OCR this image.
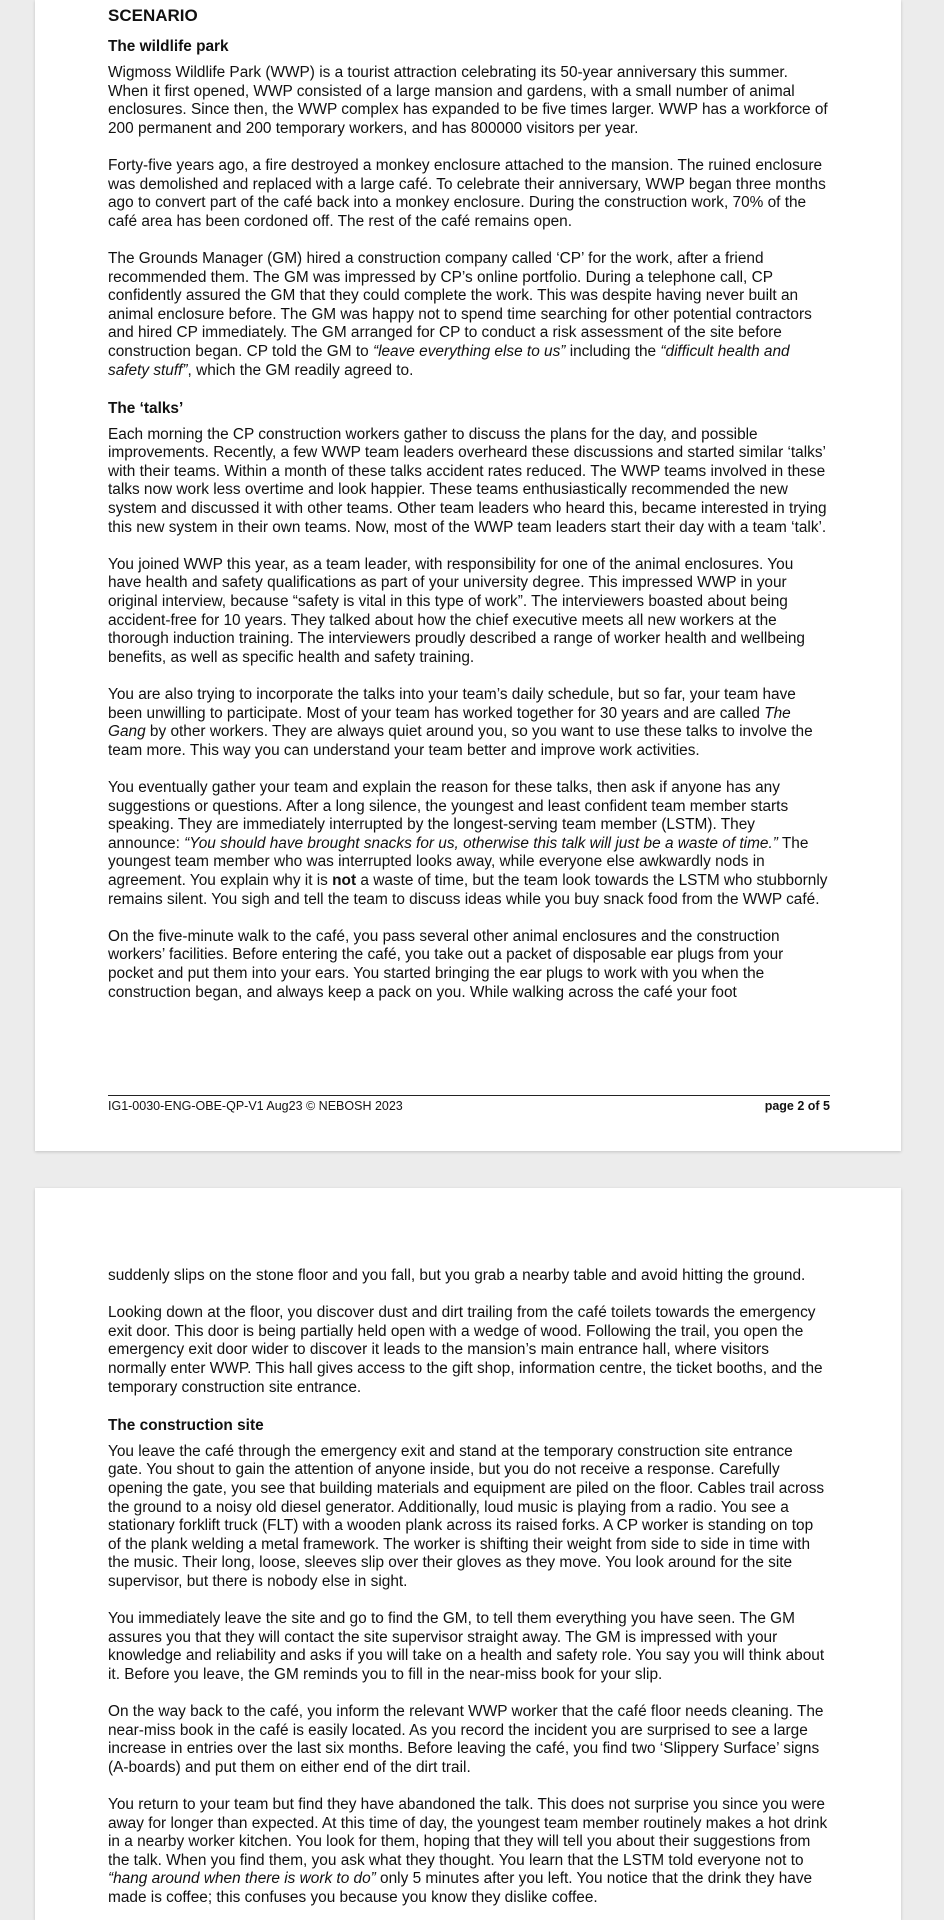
SCENARIO
The wildlife park

Wigmoss Wildlife Park (WWP) is a tourist attraction celebrating its 50-year anniversary this summer. When it first opened, WWP consisted of a large mansion and gardens, with a small number of animal enclosures. Since then, the WWP complex has expanded to be five times larger. WWP has a workforce of 200 permanent and 200 temporary workers, and has 800000 visitors per year.

Forty-five years ago, a fire destroyed a monkey enclosure attached to the mansion. The ruined enclosure was demolished and replaced with a large café. To celebrate their anniversary, WWP began three months ago to convert part of the café back into a monkey enclosure. During the construction work, 70% of the café area has been cordoned off. The rest of the café remains open.

The Grounds Manager (GM) hired a construction company called ‘CP’ for the work, after a friend recommended them. The GM was impressed by CP’s online portfolio. During a telephone call, CP confidently assured the GM that they could complete the work. This was despite having never built an animal enclosure before. The GM was happy not to spend time searching for other potential contractors and hired CP immediately. The GM arranged for CP to conduct a risk assessment of the site before construction began. CP told the GM to “leave everything else to us” including the “difficult health and safety stuff”, which the GM readily agreed to.

The ‘talks’

Each morning the CP construction workers gather to discuss the plans for the day, and possible improvements. Recently, a few WWP team leaders overheard these discussions and started similar ‘talks’ with their teams. Within a month of these talks accident rates reduced. The WWP teams involved in these talks now work less overtime and look happier. These teams enthusiastically recommended the new system and discussed it with other teams. Other team leaders who heard this, became interested in trying this new system in their own teams. Now, most of the WWP team leaders start their day with a team ‘talk’.

You joined WWP this year, as a team leader, with responsibility for one of the animal enclosures. You have health and safety qualifications as part of your university degree. This impressed WWP in your original interview, because “safety is vital in this type of work”. The interviewers boasted about being accident-free for 10 years. They talked about how the chief executive meets all new workers at the thorough induction training. The interviewers proudly described a range of worker health and wellbeing benefits, as well as specific health and safety training.

You are also trying to incorporate the talks into your team’s daily schedule, but so far, your team have been unwilling to participate. Most of your team has worked together for 30 years and are called The Gang by other workers. They are always quiet around you, so you want to use these talks to involve the team more. This way you can understand your team better and improve work activities.

You eventually gather your team and explain the reason for these talks, then ask if anyone has any suggestions or questions. After a long silence, the youngest and least confident team member starts speaking. They are immediately interrupted by the longest-serving team member (LSTM). They announce: “You should have brought snacks for us, otherwise this talk will just be a waste of time.” The youngest team member who was interrupted looks away, while everyone else awkwardly nods in agreement. You explain why it is not a waste of time, but the team look towards the LSTM who stubbornly remains silent. You sigh and tell the team to discuss ideas while you buy snack food from the WWP café.

On the five-minute walk to the café, you pass several other animal enclosures and the construction workers’ facilities. Before entering the café, you take out a packet of disposable ear plugs from your pocket and put them into your ears. You started bringing the ear plugs to work with you when the construction began, and always keep a pack on you. While walking across the café your foot

IG1-0030-ENG-OBE-QP-V1 Aug23 © NEBOSH 2023	page 2 of 5

suddenly slips on the stone floor and you fall, but you grab a nearby table and avoid hitting the ground.

Looking down at the floor, you discover dust and dirt trailing from the café toilets towards the emergency exit door. This door is being partially held open with a wedge of wood. Following the trail, you open the emergency exit door wider to discover it leads to the mansion’s main entrance hall, where visitors normally enter WWP. This hall gives access to the gift shop, information centre, the ticket booths, and the temporary construction site entrance.

The construction site

You leave the café through the emergency exit and stand at the temporary construction site entrance gate. You shout to gain the attention of anyone inside, but you do not receive a response. Carefully opening the gate, you see that building materials and equipment are piled on the floor. Cables trail across the ground to a noisy old diesel generator. Additionally, loud music is playing from a radio. You see a stationary forklift truck (FLT) with a wooden plank across its raised forks. A CP worker is standing on top of the plank welding a metal framework. The worker is shifting their weight from side to side in time with the music. Their long, loose, sleeves slip over their gloves as they move. You look around for the site supervisor, but there is nobody else in sight.

You immediately leave the site and go to find the GM, to tell them everything you have seen. The GM assures you that they will contact the site supervisor straight away. The GM is impressed with your knowledge and reliability and asks if you will take on a health and safety role. You say you will think about it. Before you leave, the GM reminds you to fill in the near-miss book for your slip.

On the way back to the café, you inform the relevant WWP worker that the café floor needs cleaning. The near-miss book in the café is easily located. As you record the incident you are surprised to see a large increase in entries over the last six months. Before leaving the café, you find two ‘Slippery Surface’ signs (A-boards) and put them on either end of the dirt trail.

You return to your team but find they have abandoned the talk. This does not surprise you since you were away for longer than expected. At this time of day, the youngest team member routinely makes a hot drink in a nearby worker kitchen. You look for them, hoping that they will tell you about their suggestions from the talk. When you find them, you ask what they thought. You learn that the LSTM told everyone not to “hang around when there is work to do” only 5 minutes after you left. You notice that the drink they have made is coffee; this confuses you because you know they dislike coffee.
